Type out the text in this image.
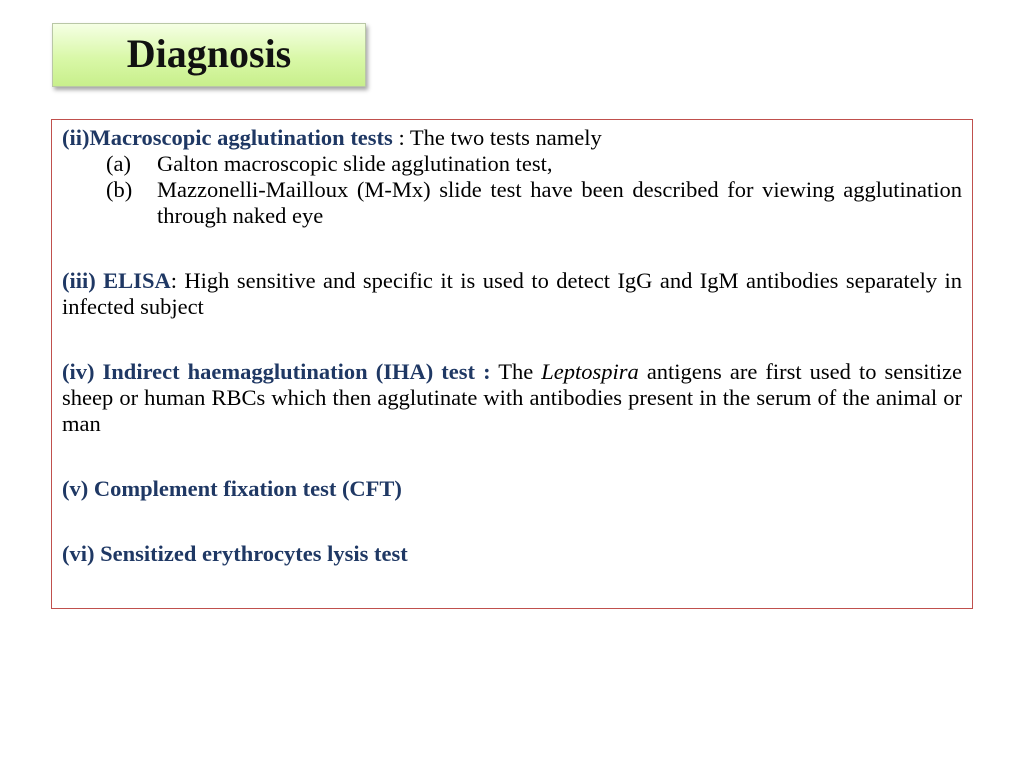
Diagnosis

(ii)Macroscopic agglutination tests : The two tests namely

(a)	Galton macroscopic slide agglutination test,
(b)	Mazzonelli-Mailloux (M-Mx) slide test have been described for viewing agglutination through naked eye

(iii) ELISA: High sensitive and specific it is used to detect IgG and IgM antibodies separately in infected subject

(iv) Indirect haemagglutination (IHA) test : The Leptospira antigens are first used to sensitize sheep or human RBCs which then agglutinate with antibodies present in the serum of the animal or man

(v) Complement fixation test (CFT)

(vi) Sensitized erythrocytes lysis test
